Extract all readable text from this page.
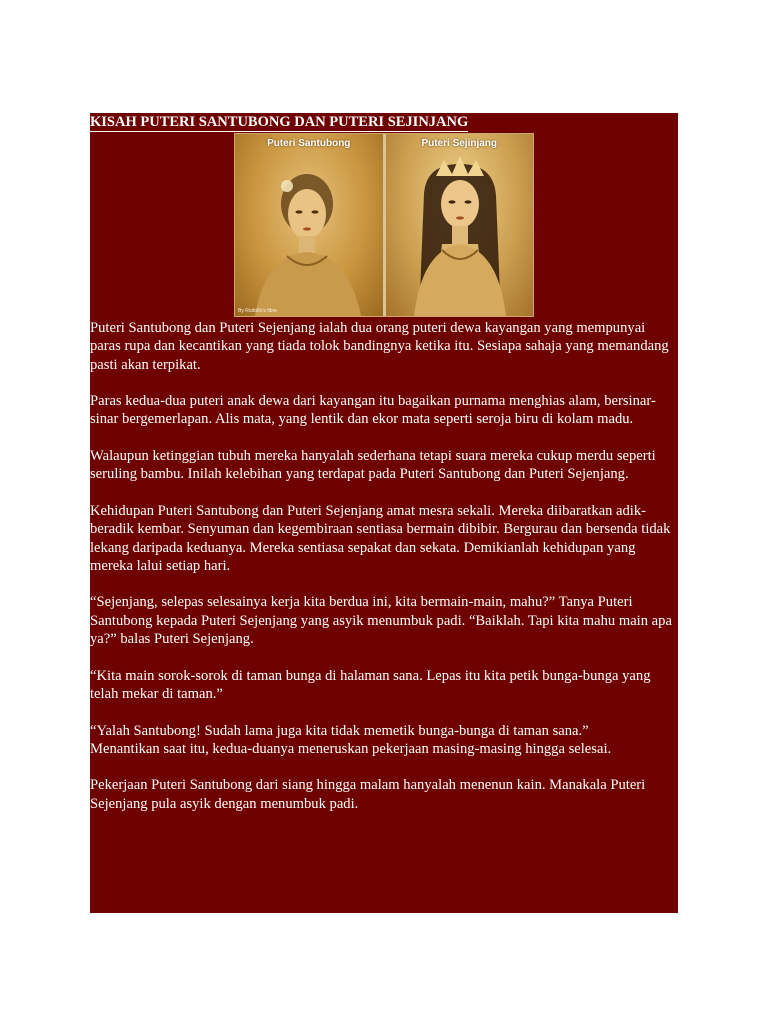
KISAH PUTERI SANTUBONG DAN PUTERI SEJINJANG
Puteri Santubong
By Rodolfo's fibre
Puteri Sejinjang

Puteri Santubong dan Puteri Sejenjang ialah dua orang puteri dewa kayangan yang mempunyai paras rupa dan kecantikan yang tiada tolok bandingnya ketika itu. Sesiapa sahaja yang memandang pasti akan terpikat.

Paras kedua-dua puteri anak dewa dari kayangan itu bagaikan purnama menghias alam, bersinar-sinar bergemerlapan. Alis mata, yang lentik dan ekor mata seperti seroja biru di kolam madu.

Walaupun ketinggian tubuh mereka hanyalah sederhana tetapi suara mereka cukup merdu seperti seruling bambu. Inilah kelebihan yang terdapat pada Puteri Santubong dan Puteri Sejenjang.

Kehidupan Puteri Santubong dan Puteri Sejenjang amat mesra sekali. Mereka diibaratkan adik-beradik kembar. Senyuman dan kegembiraan sentiasa bermain dibibir. Bergurau dan bersenda tidak lekang daripada keduanya. Mereka sentiasa sepakat dan sekata. Demikianlah kehidupan yang mereka lalui setiap hari.

“Sejenjang, selepas selesainya kerja kita berdua ini, kita bermain-main, mahu?” Tanya Puteri Santubong kepada Puteri Sejenjang yang asyik menumbuk padi. “Baiklah. Tapi kita mahu main apa ya?” balas Puteri Sejenjang.

“Kita main sorok-sorok di taman bunga di halaman sana. Lepas itu kita petik bunga-bunga yang telah mekar di taman.”

“Yalah Santubong! Sudah lama juga kita tidak memetik bunga-bunga di taman sana.”

Menantikan saat itu, kedua-duanya meneruskan pekerjaan masing-masing hingga selesai.

Pekerjaan Puteri Santubong dari siang hingga malam hanyalah menenun kain. Manakala Puteri Sejenjang pula asyik dengan menumbuk padi.
